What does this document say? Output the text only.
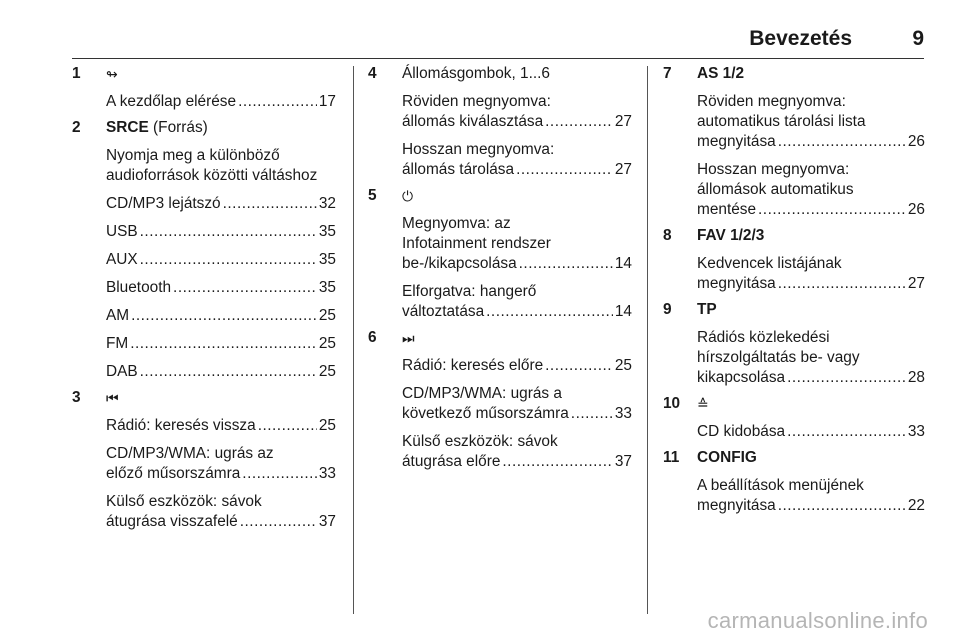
Bevezetés	9
1	↬
A kezdőlap elérése .....	17
2	SRCE (Forrás)
Nyomja meg a különböző
audioforrások közötti váltáshoz
CD/MP3 lejátszó .....	32
USB .....	35
AUX .....	35
Bluetooth .....	35
AM .....	25
FM .....	25
DAB .....	25
3	⏮︎
Rádió: keresés vissza .....	25
CD/MP3/WMA: ugrás az
előző műsorszámra .....	33
Külső eszközök: sávok
átugrása visszafelé .....	37
4	Állomásgombok, 1...6
Röviden megnyomva:
állomás kiválasztása .....	27
Hosszan megnyomva:
állomás tárolása .....	27
5	⏻
Megnyomva: az
Infotainment rendszer
be-/kikapcsolása .....	14
Elforgatva: hangerő
változtatása .....	14
6	⏭︎
Rádió: keresés előre .....	25
CD/MP3/WMA: ugrás a
következő műsorszámra .....	33
Külső eszközök: sávok
átugrása előre .....	37
7	AS 1/2
Röviden megnyomva:
automatikus tárolási lista
megnyitása .....	26
Hosszan megnyomva:
állomások automatikus
mentése .....	26
8	FAV 1/2/3
Kedvencek listájának
megnyitása .....	27
9	TP
Rádiós közlekedési
hírszolgáltatás be- vagy
kikapcsolása .....	28
10	≙
CD kidobása .....	33
11	CONFIG
A beállítások menüjének
megnyitása .....	22
carmanualsonline.info
